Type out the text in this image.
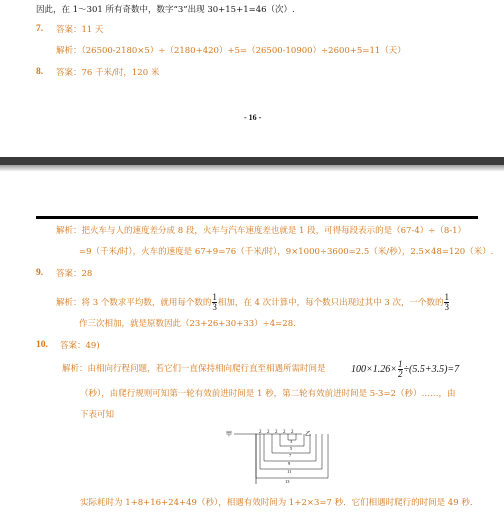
因此，在 1～301 所有奇数中，数字“3”出现 30+15+1=46（次）.
7. 答案：11 天
解析：（26500-2180×5）÷（2180+420）+5=（26500-10900）÷2600+5=11（天）
8. 答案：76 千米/时，120 米
- 16 -
解析：把火车与人的速度差分成 8 段，火车与汽车速度差也就是 1 段，可得每段表示的是（67-4）÷（8-1）
=9（千米/时），火车的速度是 67+9=76（千米/时），9×1000÷3600=2.5（米/秒），2.5×48=120（米）.
9. 答案：28
解析：将 3 个数求平均数，就用每个数的 $\frac{1}{3}$ 相加，在 4 次计算中，每个数只出现过其中 3 次，一个数的 $\frac{1}{3}$
作三次相加，就是原数因此（23+26+30+33）÷4=28.
10. 答案：49)
解析：由相向行程问题，若它们一直保持相向爬行直至相遇所需时间是	$100\times 1.26\times \frac{1}{2} \div(5.5+3.5)=7$
（秒），由爬行规则可知第一轮有效前进时间是 1 秒，第二轮有效前进时间是 5-3=2（秒）……，由
下表可知
甲	乙
2 2 2 2 2
3
5
7
9
11
13
实际耗时为 1+8+16+24+49（秒），相遇有效时间为 1+2×3=7 秒．它们相遇时爬行的时间是 49 秒．
